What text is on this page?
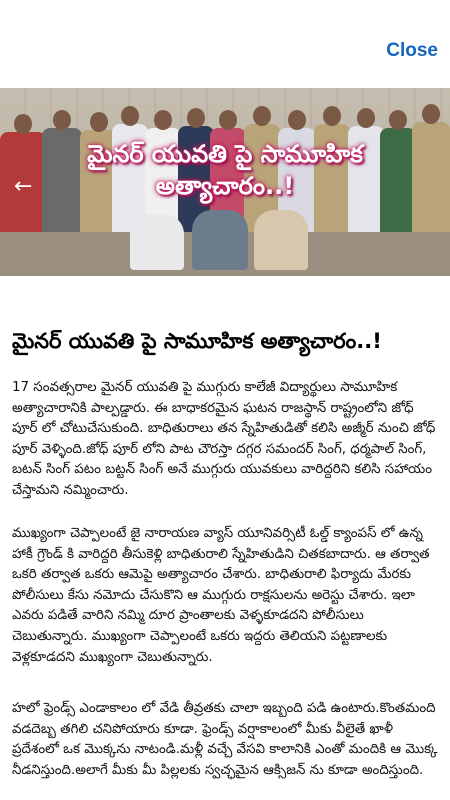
Close
←
⤢
మైనర్ యువతి పై సామూహిక
అత్యాచారం..!
మైనర్ యువతి పై సామూహిక అత్యాచారం..!

17 సంవత్సరాల మైనర్ యువతి పై ముగ్గురు కాలేజీ విద్యార్థులు సామూహిక అత్యాచారానికి పాల్పడ్డారు. ఈ బాధాకరమైన ఘటన రాజస్థాన్ రాష్ట్రంలోని జోధ్ పూర్ లో చోటుచేసుకుంది. బాధితురాలు తన స్నేహితుడితో కలిసి అజ్మీర్ నుంచి జోధ్ పూర్ వెళ్ళింది.జోధ్ పూర్ లోని పాట చౌరస్తా దగ్గర సమందర్ సింగ్, ధర్మపాల్ సింగ్, బటన్ సింగ్ పటం బట్టన్ సింగ్ అనే ముగ్గురు యువకులు వారిద్దరిని కలిసి సహాయం చేస్తామని నమ్మించారు.

ముఖ్యంగా చెప్పాలంటే జై నారాయణ వ్యాస్ యూనివర్సిటీ ఓల్డ్ క్యాంపస్ లో ఉన్న హాకీ గ్రౌండ్ కి వారిద్దరి తీసుకెళ్లి బాధితురాలి స్నేహితుడిని చితకబాదారు. ఆ తర్వాత ఒకరి తర్వాత ఒకరు ఆమెపై అత్యాచారం చేశారు. బాధితురాలి ఫిర్యాదు మేరకు పోలీసులు కేసు నమోదు చేసుకొని ఆ ముగ్గురు రాక్షసులను అరెస్టు చేశారు. ఇలా ఎవరు పడితే వారిని నమ్మి దూర ప్రాంతాలకు వెళ్ళకూడదని పోలీసులు చెబుతున్నారు. ముఖ్యంగా చెప్పాలంటే ఒకరు ఇద్దరు తెలియని పట్టణాలకు వెళ్లకూడదని ముఖ్యంగా చెబుతున్నారు.

హలో ఫ్రెండ్స్ ఎండాకాలం లో వేడి తీవ్రతకు చాలా ఇబ్బంది పడి ఉంటారు.కొంతమంది వడదెబ్బ తగిలి చనిపోయారు కూడా. ఫ్రెండ్స్ వర్షాకాలంలో మీకు వీలైతే ఖాళీ ప్రదేశంలో ఒక మొక్కను నాటండి.మళ్లీ వచ్చే వేసవి కాలానికి ఎంతో మందికి ఆ మొక్క నీడనిస్తుంది.అలాగే మీకు మీ పిల్లలకు స్వచ్ఛమైన ఆక్సిజన్ ను కూడా అందిస్తుంది.
